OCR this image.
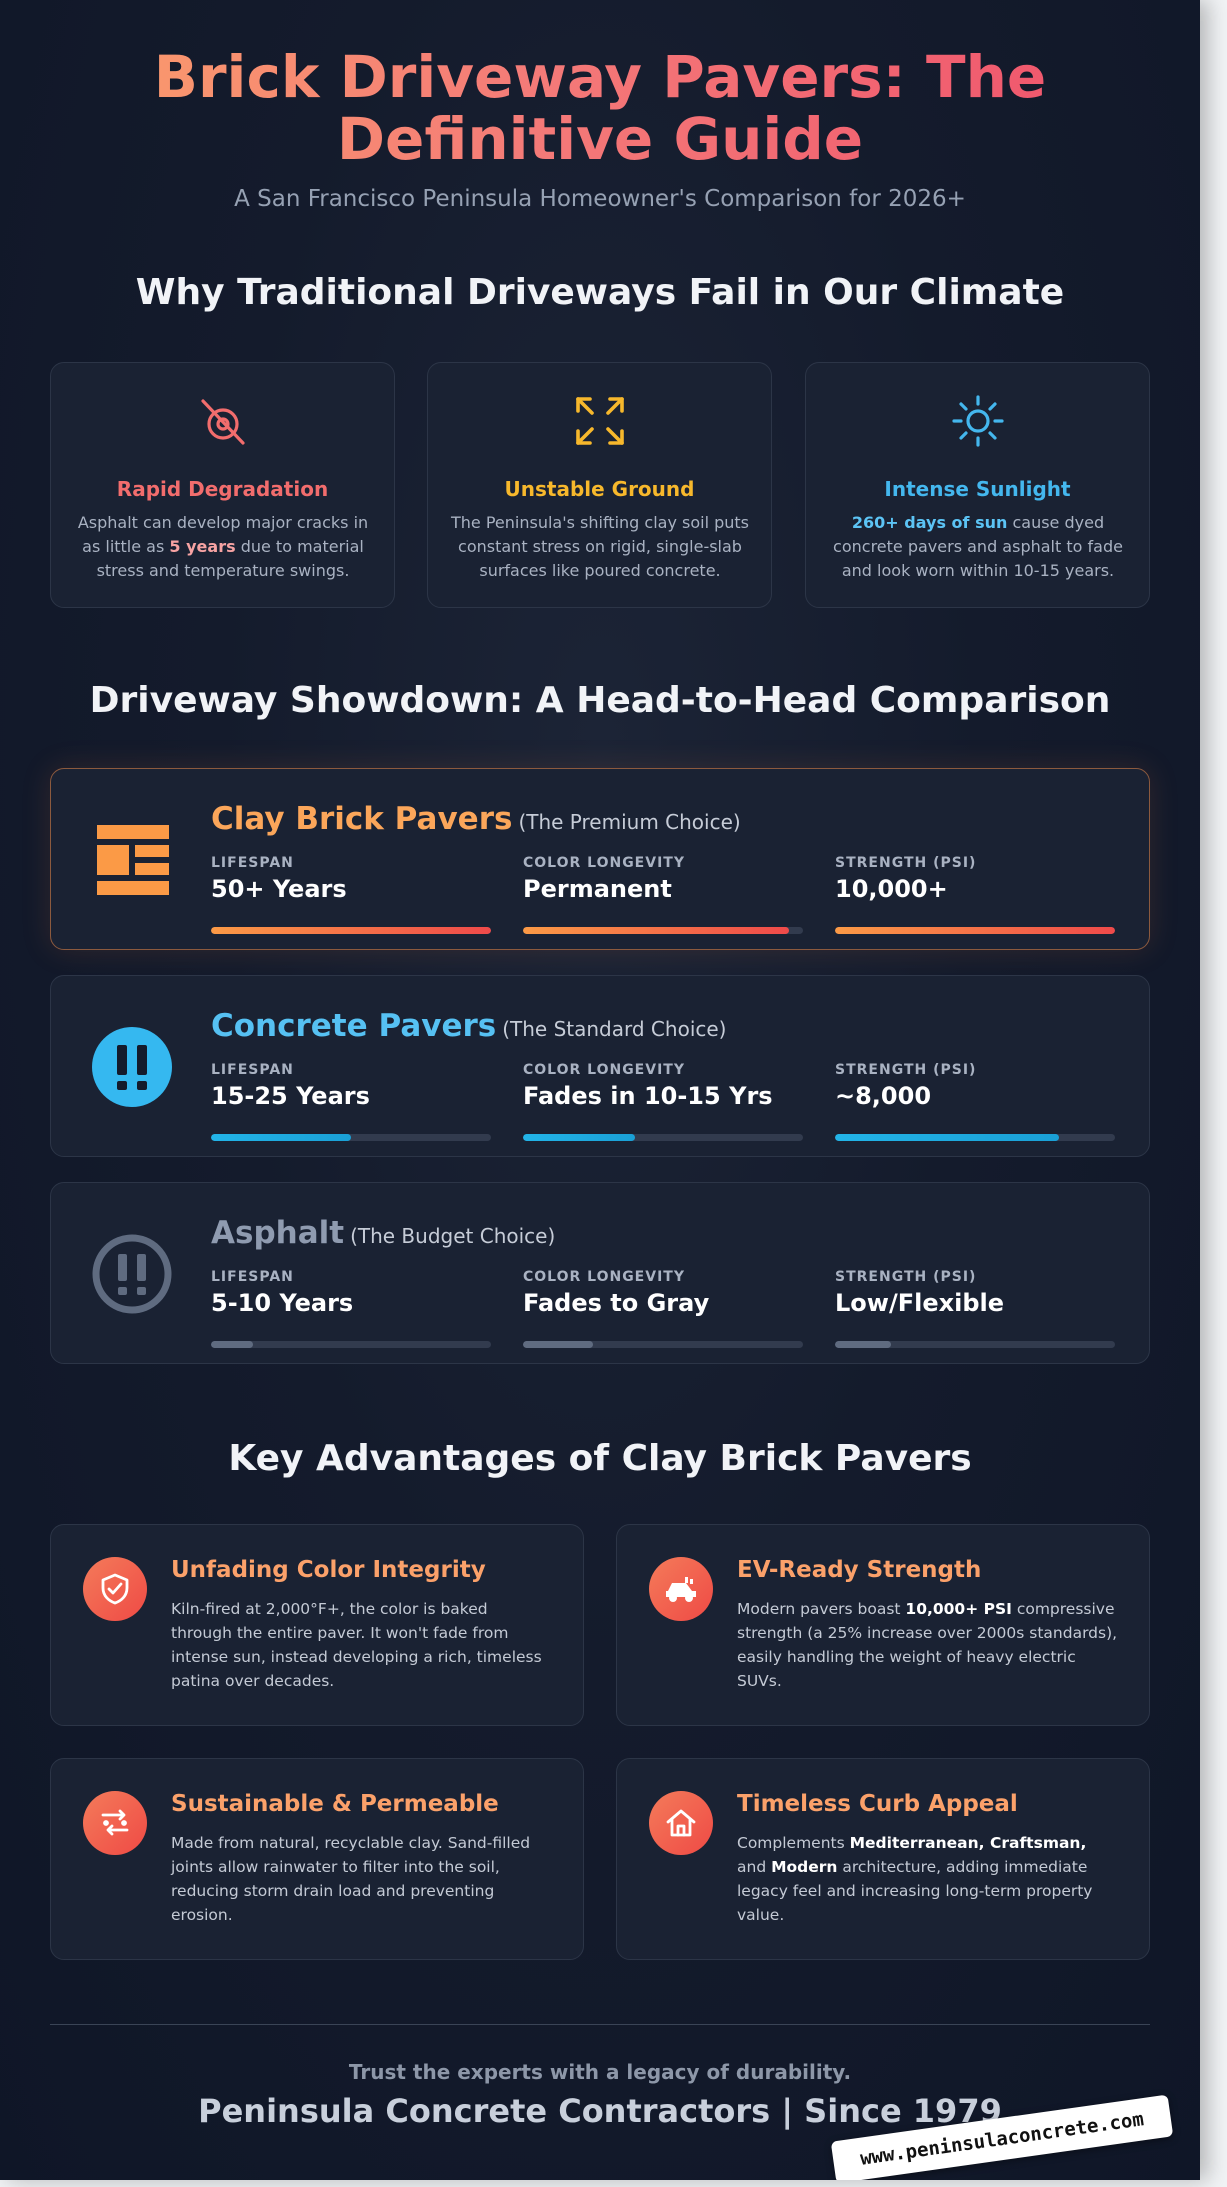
Brick Driveway Pavers: The
Definitive Guide
A San Francisco Peninsula Homeowner's Comparison for 2026+
Why Traditional Driveways Fail in Our Climate
Rapid Degradation
Asphalt can develop major cracks in as little as 5 years due to material stress and temperature swings.
Unstable Ground
The Peninsula's shifting clay soil puts constant stress on rigid, single-slab surfaces like poured concrete.
Intense Sunlight
260+ days of sun cause dyed concrete pavers and asphalt to fade and look worn within 10-15 years.
Driveway Showdown: A Head-to-Head Comparison
Clay Brick Pavers (The Premium Choice)
LIFESPAN
50+ Years
COLOR LONGEVITY
Permanent
STRENGTH (PSI)
10,000+
Concrete Pavers (The Standard Choice)
LIFESPAN
15-25 Years
COLOR LONGEVITY
Fades in 10-15 Yrs
STRENGTH (PSI)
~8,000
Asphalt (The Budget Choice)
LIFESPAN
5-10 Years
COLOR LONGEVITY
Fades to Gray
STRENGTH (PSI)
Low/Flexible
Key Advantages of Clay Brick Pavers
Unfading Color Integrity
Kiln-fired at 2,000°F+, the color is baked through the entire paver. It won't fade from intense sun, instead developing a rich, timeless patina over decades.
EV-Ready Strength
Modern pavers boast 10,000+ PSI compressive strength (a 25% increase over 2000s standards), easily handling the weight of heavy electric SUVs.
Sustainable & Permeable
Made from natural, recyclable clay. Sand-filled joints allow rainwater to filter into the soil, reducing storm drain load and preventing erosion.
Timeless Curb Appeal
Complements Mediterranean, Craftsman, and Modern architecture, adding immediate legacy feel and increasing long-term property value.
Trust the experts with a legacy of durability.
Peninsula Concrete Contractors | Since 1979
www.peninsulaconcrete.com
